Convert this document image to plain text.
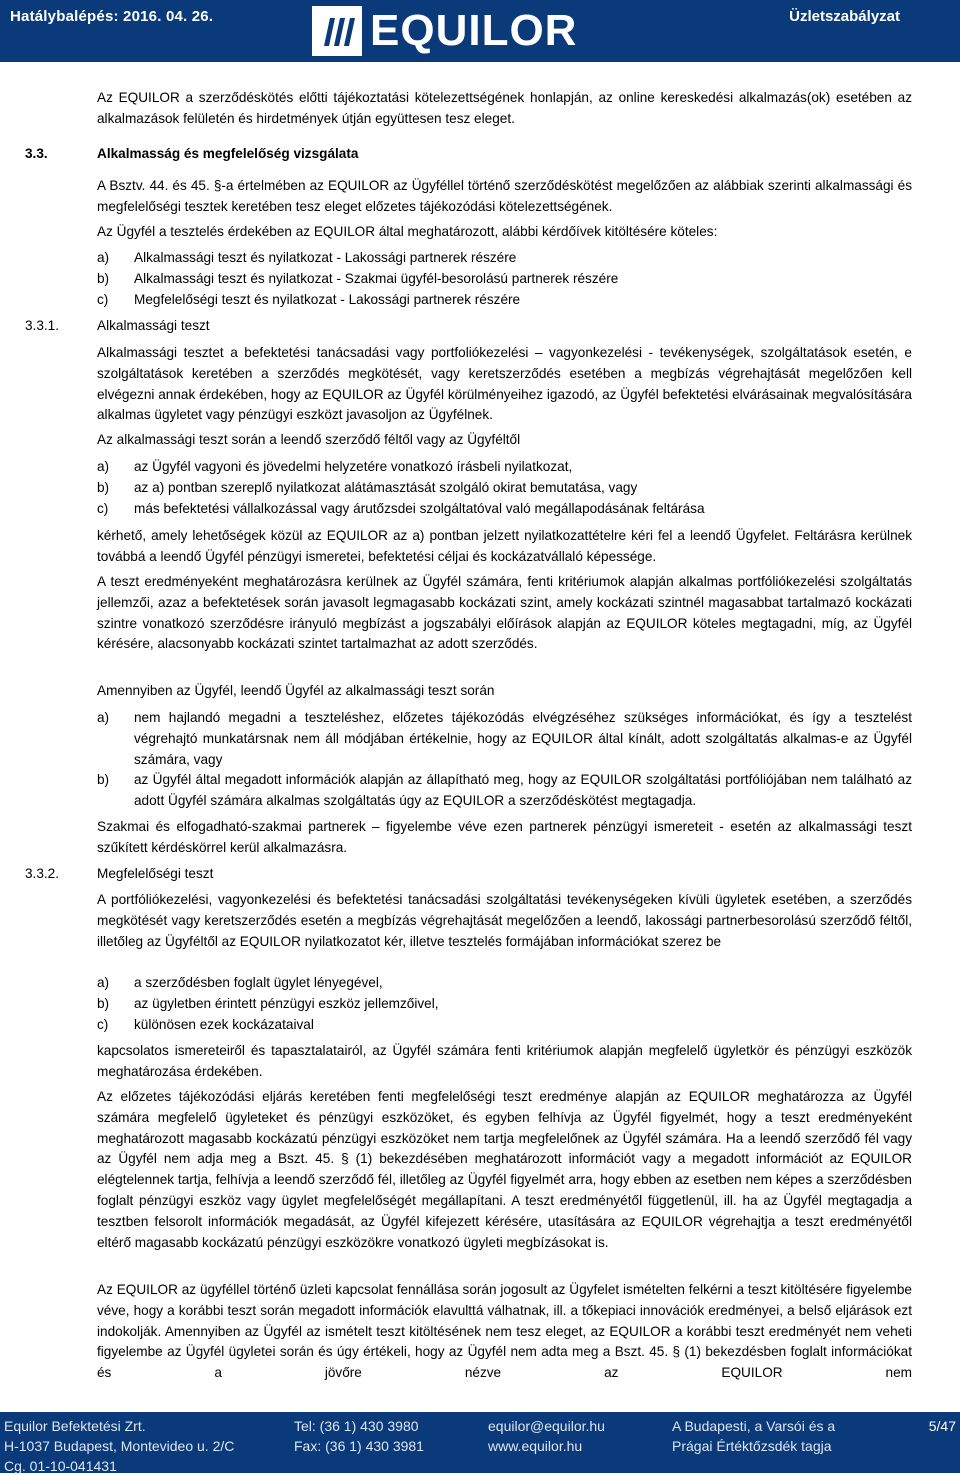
Hatálybalépés: 2016. 04. 26.	EQUILOR	Üzletszabályzat

Az EQUILOR a szerződéskötés előtti tájékoztatási kötelezettségének honlapján, az online kereskedési alkalmazás(ok) esetében az alkalmazások felületén és hirdetmények útján együttesen tesz eleget.

3.3.	Alkalmasság és megfelelőség vizsgálata

A Bsztv. 44. és 45. §-a értelmében az EQUILOR az Ügyféllel történő szerződéskötést megelőzően az alábbiak szerinti alkalmassági és megfelelőségi tesztek keretében tesz eleget előzetes tájékozódási kötelezettségének.

Az Ügyfél a tesztelés érdekében az EQUILOR által meghatározott, alábbi kérdőívek kitöltésére köteles:

a) Alkalmassági teszt és nyilatkozat - Lakossági partnerek részére
b) Alkalmassági teszt és nyilatkozat - Szakmai ügyfél-besorolású partnerek részére
c) Megfelelőségi teszt és nyilatkozat - Lakossági partnerek részére
3.3.1.	Alkalmassági teszt

Alkalmassági tesztet a befektetési tanácsadási vagy portfoliókezelési – vagyonkezelési - tevékenységek, szolgáltatások esetén, e szolgáltatások keretében a szerződés megkötését, vagy keretszerződés esetében a megbízás végrehajtását megelőzően kell elvégezni annak érdekében, hogy az EQUILOR az Ügyfél körülményeihez igazodó, az Ügyfél befektetési elvárásainak megvalósítására alkalmas ügyletet vagy pénzügyi eszközt javasoljon az Ügyfélnek.

Az alkalmassági teszt során a leendő szerződő féltől vagy az Ügyféltől

a) az Ügyfél vagyoni és jövedelmi helyzetére vonatkozó írásbeli nyilatkozat,
b) az a) pontban szereplő nyilatkozat alátámasztását szolgáló okirat bemutatása, vagy
c) más befektetési vállalkozással vagy árutőzsdei szolgáltatóval való megállapodásának feltárása

kérhető, amely lehetőségek közül az EQUILOR az a) pontban jelzett nyilatkozattételre kéri fel a leendő Ügyfelet. Feltárásra kerülnek továbbá a leendő Ügyfél pénzügyi ismeretei, befektetési céljai és kockázatvállaló képessége.

A teszt eredményeként meghatározásra kerülnek az Ügyfél számára, fenti kritériumok alapján alkalmas portfóliókezelési szolgáltatás jellemzői, azaz a befektetések során javasolt legmagasabb kockázati szint, amely kockázati szintnél magasabbat tartalmazó kockázati szintre vonatkozó szerződésre irányuló megbízást a jogszabályi előírások alapján az EQUILOR köteles megtagadni, míg, az Ügyfél kérésére, alacsonyabb kockázati szintet tartalmazhat az adott szerződés.

Amennyiben az Ügyfél, leendő Ügyfél az alkalmassági teszt során

a) nem hajlandó megadni a teszteléshez, előzetes tájékozódás elvégzéséhez szükséges információkat, és így a tesztelést végrehajtó munkatársnak nem áll módjában értékelnie, hogy az EQUILOR által kínált, adott szolgáltatás alkalmas-e az Ügyfél számára, vagy
b) az Ügyfél által megadott információk alapján az állapítható meg, hogy az EQUILOR szolgáltatási portfóliójában nem található az adott Ügyfél számára alkalmas szolgáltatás úgy az EQUILOR a szerződéskötést megtagadja.

Szakmai és elfogadható-szakmai partnerek – figyelembe véve ezen partnerek pénzügyi ismereteit - esetén az alkalmassági teszt szűkített kérdéskörrel kerül alkalmazásra.

3.3.2.	Megfelelőségi teszt

A portfóliókezelési, vagyonkezelési és befektetési tanácsadási szolgáltatási tevékenységeken kívüli ügyletek esetében, a szerződés megkötését vagy keretszerződés esetén a megbízás végrehajtását megelőzően a leendő, lakossági partnerbesorolású szerződő féltől, illetőleg az Ügyféltől az EQUILOR nyilatkozatot kér, illetve tesztelés formájában információkat szerez be

a) a szerződésben foglalt ügylet lényegével,
b) az ügyletben érintett pénzügyi eszköz jellemzőivel,
c) különösen ezek kockázataival

kapcsolatos ismereteiről és tapasztalatairól, az Ügyfél számára fenti kritériumok alapján megfelelő ügyletkör és pénzügyi eszközök meghatározása érdekében.

Az előzetes tájékozódási eljárás keretében fenti megfelelőségi teszt eredménye alapján az EQUILOR meghatározza az Ügyfél számára megfelelő ügyleteket és pénzügyi eszközöket, és egyben felhívja az Ügyfél figyelmét, hogy a teszt eredményeként meghatározott magasabb kockázatú pénzügyi eszközöket nem tartja megfelelőnek az Ügyfél számára. Ha a leendő szerződő fél vagy az Ügyfél nem adja meg a Bszt. 45. § (1) bekezdésében meghatározott információt vagy a megadott információt az EQUILOR elégtelennek tartja, felhívja a leendő szerződő fél, illetőleg az Ügyfél figyelmét arra, hogy ebben az esetben nem képes a szerződésben foglalt pénzügyi eszköz vagy ügylet megfelelőségét megállapítani. A teszt eredményétől függetlenül, ill. ha az Ügyfél megtagadja a tesztben felsorolt információk megadását, az Ügyfél kifejezett kérésére, utasítására az EQUILOR végrehajtja a teszt eredményétől eltérő magasabb kockázatú pénzügyi eszközökre vonatkozó ügyleti megbízásokat is.

Az EQUILOR az ügyféllel történő üzleti kapcsolat fennállása során jogosult az Ügyfelet ismételten felkérni a teszt kitöltésére figyelembe véve, hogy a korábbi teszt során megadott információk elavulttá válhatnak, ill. a tőkepiaci innovációk eredményei, a belső eljárások ezt indokolják. Amennyiben az Ügyfél az ismételt teszt kitöltésének nem tesz eleget, az EQUILOR a korábbi teszt eredményét nem veheti figyelembe az Ügyfél ügyletei során és úgy értékeli, hogy az Ügyfél nem adta meg a Bszt. 45. § (1) bekezdésben foglalt információkat és a jövőre nézve az EQUILOR nem

Equilor Befektetési Zrt.
H-1037 Budapest, Montevideo u. 2/C
Cg. 01-10-041431
Tel: (36 1) 430 3980
Fax: (36 1) 430 3981
equilor@equilor.hu
www.equilor.hu
A Budapesti, a Varsói és a
Prágai Értéktőzsdék tagja
5/47
